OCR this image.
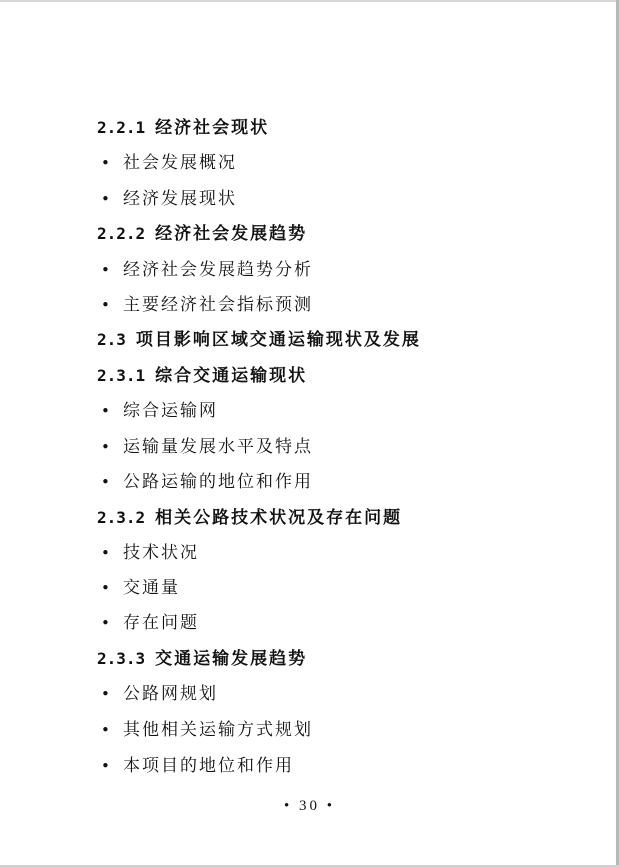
2.2.1 经济社会现状
• 社会发展概况
• 经济发展现状
2.2.2 经济社会发展趋势
• 经济社会发展趋势分析
• 主要经济社会指标预测
2.3 项目影响区域交通运输现状及发展
2.3.1 综合交通运输现状
• 综合运输网
• 运输量发展水平及特点
• 公路运输的地位和作用
2.3.2 相关公路技术状况及存在问题
• 技术状况
• 交通量
• 存在问题
2.3.3 交通运输发展趋势
• 公路网规划
• 其他相关运输方式规划
• 本项目的地位和作用
• 30 •
